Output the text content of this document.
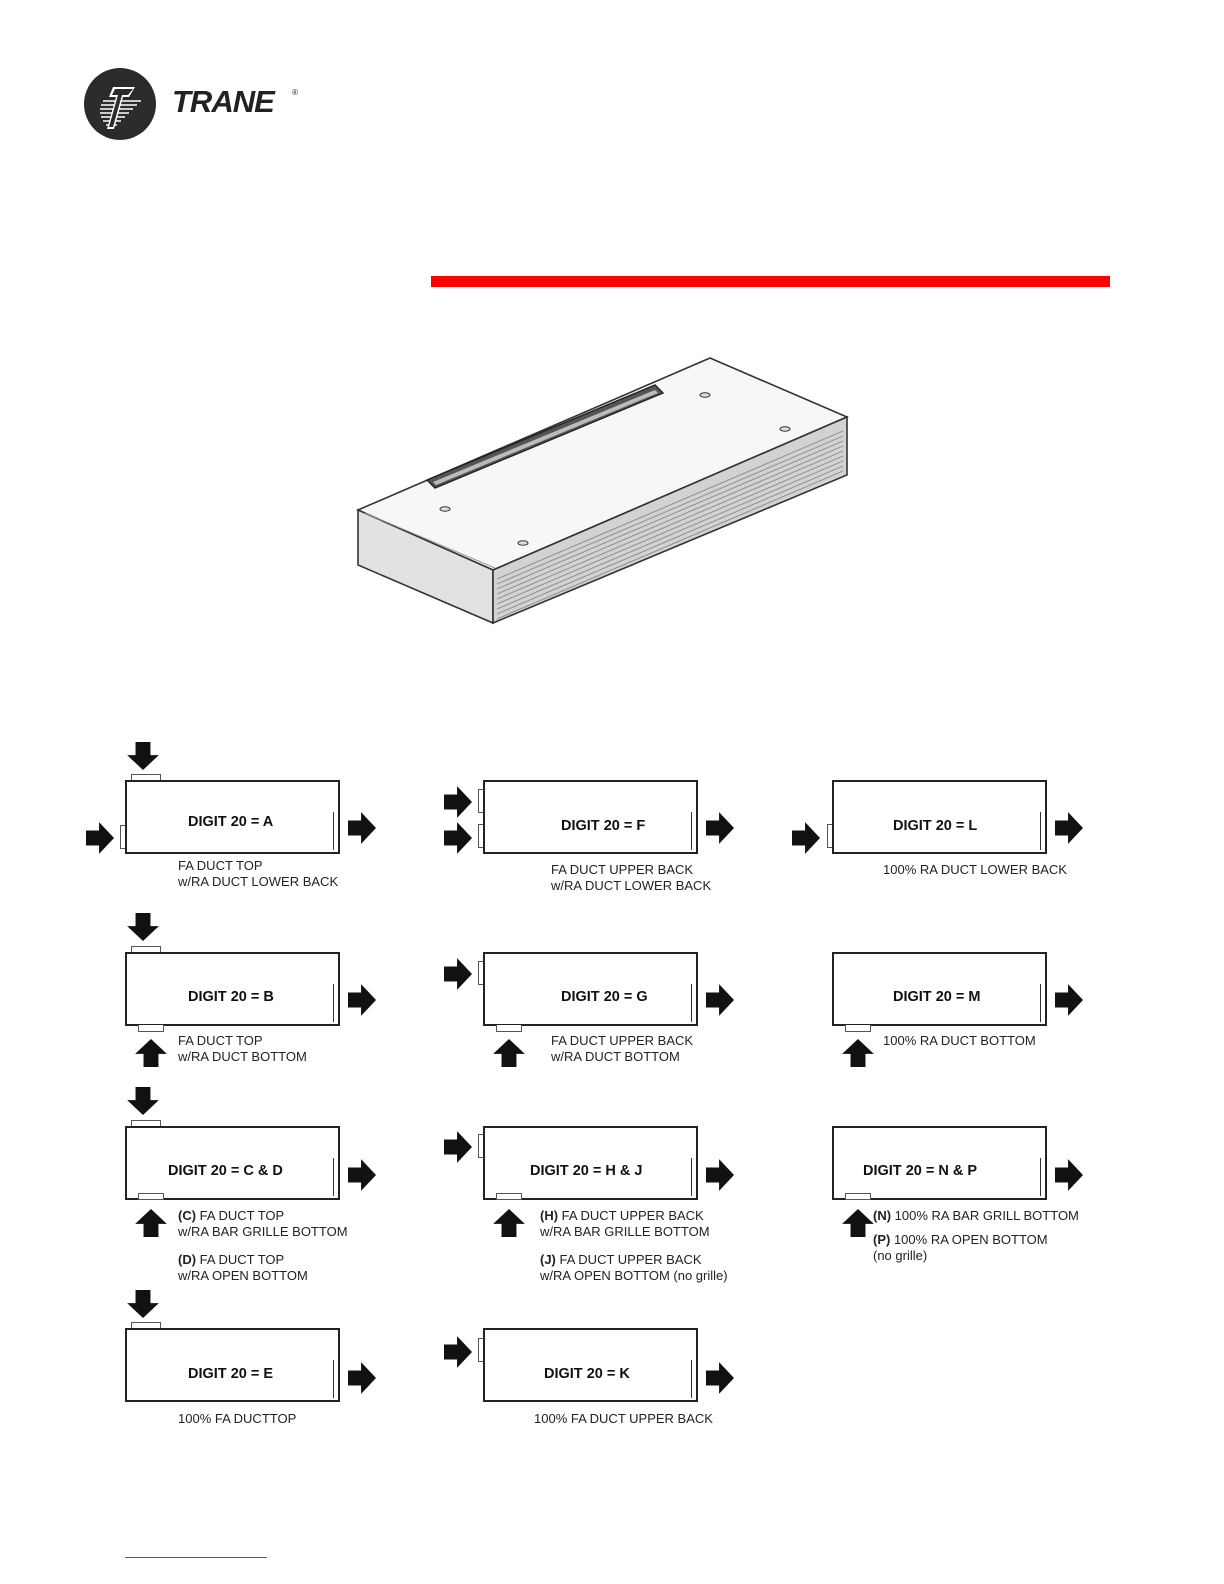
TRANE ®
DIGIT 20 = A
FA DUCT TOP
w/RA DUCT LOWER BACK
DIGIT 20 = F
FA DUCT UPPER BACK
w/RA DUCT LOWER BACK
DIGIT 20 = L
100% RA DUCT LOWER BACK
DIGIT 20 = B
FA DUCT TOP
w/RA DUCT BOTTOM
DIGIT 20 = G
FA DUCT UPPER BACK
w/RA DUCT BOTTOM
DIGIT 20 = M
100% RA DUCT BOTTOM
DIGIT 20 = C & D
(C) FA DUCT TOP
w/RA BAR GRILLE BOTTOM
(D) FA DUCT TOP
w/RA OPEN BOTTOM
DIGIT 20 = H & J
(H) FA DUCT UPPER BACK
w/RA BAR GRILLE BOTTOM
(J) FA DUCT UPPER BACK
w/RA OPEN BOTTOM (no grille)
DIGIT 20 = N & P
(N) 100% RA BAR GRILL BOTTOM
(P) 100% RA OPEN BOTTOM
(no grille)
DIGIT 20 = E
100% FA DUCTTOP
DIGIT 20 = K
100% FA DUCT UPPER BACK
